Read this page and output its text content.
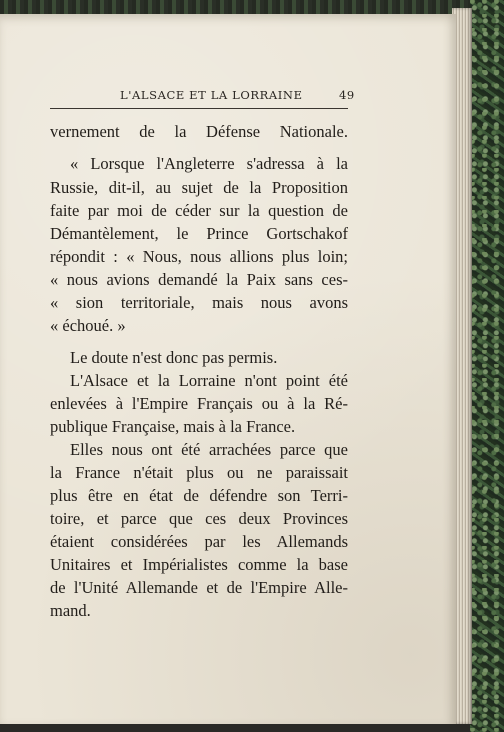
L'ALSACE ET LA LORRAINE	49
vernement de la Défense Nationale.
« Lorsque l'Angleterre s'adressa à la
Russie, dit-il, au sujet de la Proposition
faite par moi de céder sur la question de
Démantèlement, le Prince Gortschakof
répondit : « Nous, nous allions plus loin;
« nous avions demandé la Paix sans ces-
« sion territoriale, mais nous avons
« échoué. »
Le doute n'est donc pas permis.
L'Alsace et la Lorraine n'ont point été
enlevées à l'Empire Français ou à la Ré-
publique Française, mais à la France.
Elles nous ont été arrachées parce que
la France n'était plus ou ne paraissait
plus être en état de défendre son Terri-
toire, et parce que ces deux Provinces
étaient considérées par les Allemands
Unitaires et Impérialistes comme la base
de l'Unité Allemande et de l'Empire Alle-
mand.
